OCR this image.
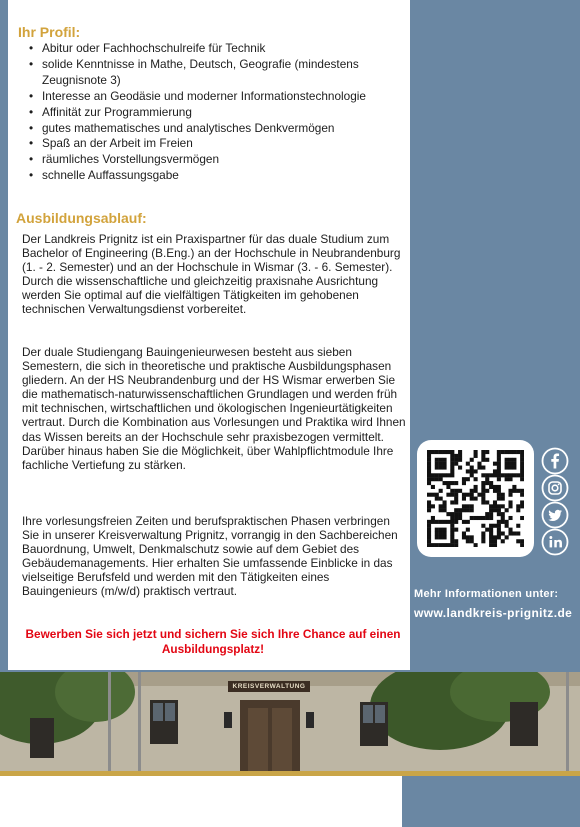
Ihr Profil:
• Abitur oder Fachhochschulreife für Technik
• solide Kenntnisse in Mathe, Deutsch, Geografie (mindestens Zeugnisnote 3)
• Interesse an Geodäsie und moderner Informationstechnologie
• Affinität zur Programmierung
• gutes mathematisches und analytisches Denkvermögen
• Spaß an der Arbeit im Freien
• räumliches Vorstellungsvermögen
• schnelle Auffassungsgabe
Ausbildungsablauf:

Der Landkreis Prignitz ist ein Praxispartner für das duale Studium zum Bachelor of Engineering (B.Eng.) an der Hochschule in Neubrandenburg (1. - 2. Semester) und an der Hochschule in Wismar (3. - 6. Semester). Durch die wissenschaftliche und gleichzeitig praxisnahe Ausrichtung werden Sie optimal auf die vielfältigen Tätigkeiten im gehobenen technischen Verwaltungsdienst vorbereitet.

Der duale Studiengang Bauingenieurwesen besteht aus sieben Semestern, die sich in theoretische und praktische Ausbildungsphasen gliedern. An der HS Neubrandenburg und der HS Wismar erwerben Sie die mathematisch-naturwissenschaftlichen Grundlagen und werden früh mit technischen, wirtschaftlichen und ökologischen Ingenieurtätigkeiten vertraut. Durch die Kombination aus Vorlesungen und Praktika wird Ihnen das Wissen bereits an der Hochschule sehr praxisbezogen vermittelt. Darüber hinaus haben Sie die Möglichkeit, über Wahlpflichtmodule Ihre fachliche Vertiefung zu stärken.

Ihre vorlesungsfreien Zeiten und berufspraktischen Phasen verbringen Sie in unserer Kreisverwaltung Prignitz, vorrangig in den Sachbereichen Bauordnung, Umwelt, Denkmalschutz sowie auf dem Gebiet des Gebäudemanagements. Hier erhalten Sie umfassende Einblicke in das vielseitige Berufsfeld und werden mit den Tätigkeiten eines Bauingenieurs (m/w/d) praktisch vertraut.

Bewerben Sie sich jetzt und sichern Sie sich Ihre Chance auf einen Ausbildungsplatz!

KREISVERWALTUNG

Mehr Informationen unter:

www.landkreis-prignitz.de
